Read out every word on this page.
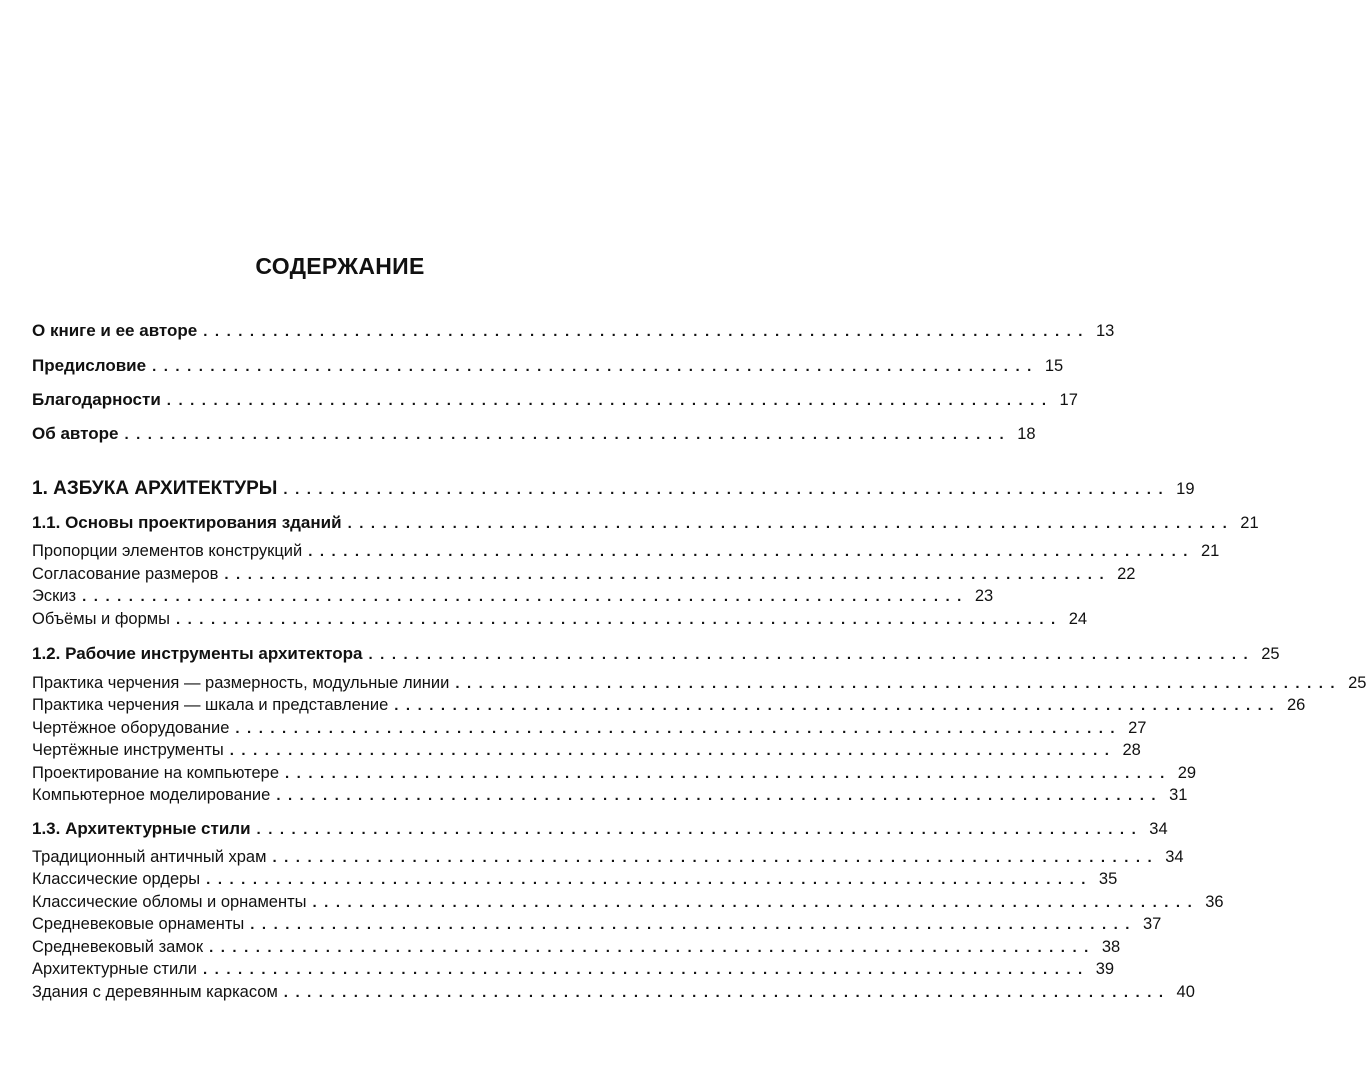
СОДЕРЖАНИЕ
О книге и ее авторе ............................................................................ 13
Предисловие ............................................................................ 15
Благодарности ............................................................................ 17
Об авторе ............................................................................ 18
1. АЗБУКА АРХИТЕКТУРЫ ............................................................................ 19
1.1. Основы проектирования зданий ............................................................................ 21
Пропорции элементов конструкций ............................................................................ 21
Согласование размеров ............................................................................ 22
Эскиз ............................................................................ 23
Объёмы и формы ............................................................................ 24
1.2. Рабочие инструменты архитектора ............................................................................ 25
Практика черчения — размерность, модульные линии ............................................................................ 25
Практика черчения — шкала и представление ............................................................................ 26
Чертёжное оборудование ............................................................................ 27
Чертёжные инструменты ............................................................................ 28
Проектирование на компьютере ............................................................................ 29
Компьютерное моделирование ............................................................................ 31
1.3. Архитектурные стили ............................................................................ 34
Традиционный античный храм ............................................................................ 34
Классические ордеры ............................................................................ 35
Классические обломы и орнаменты ............................................................................ 36
Средневековые орнаменты ............................................................................ 37
Средневековый замок ............................................................................ 38
Архитектурные стили ............................................................................ 39
Здания с деревянным каркасом ............................................................................ 40
